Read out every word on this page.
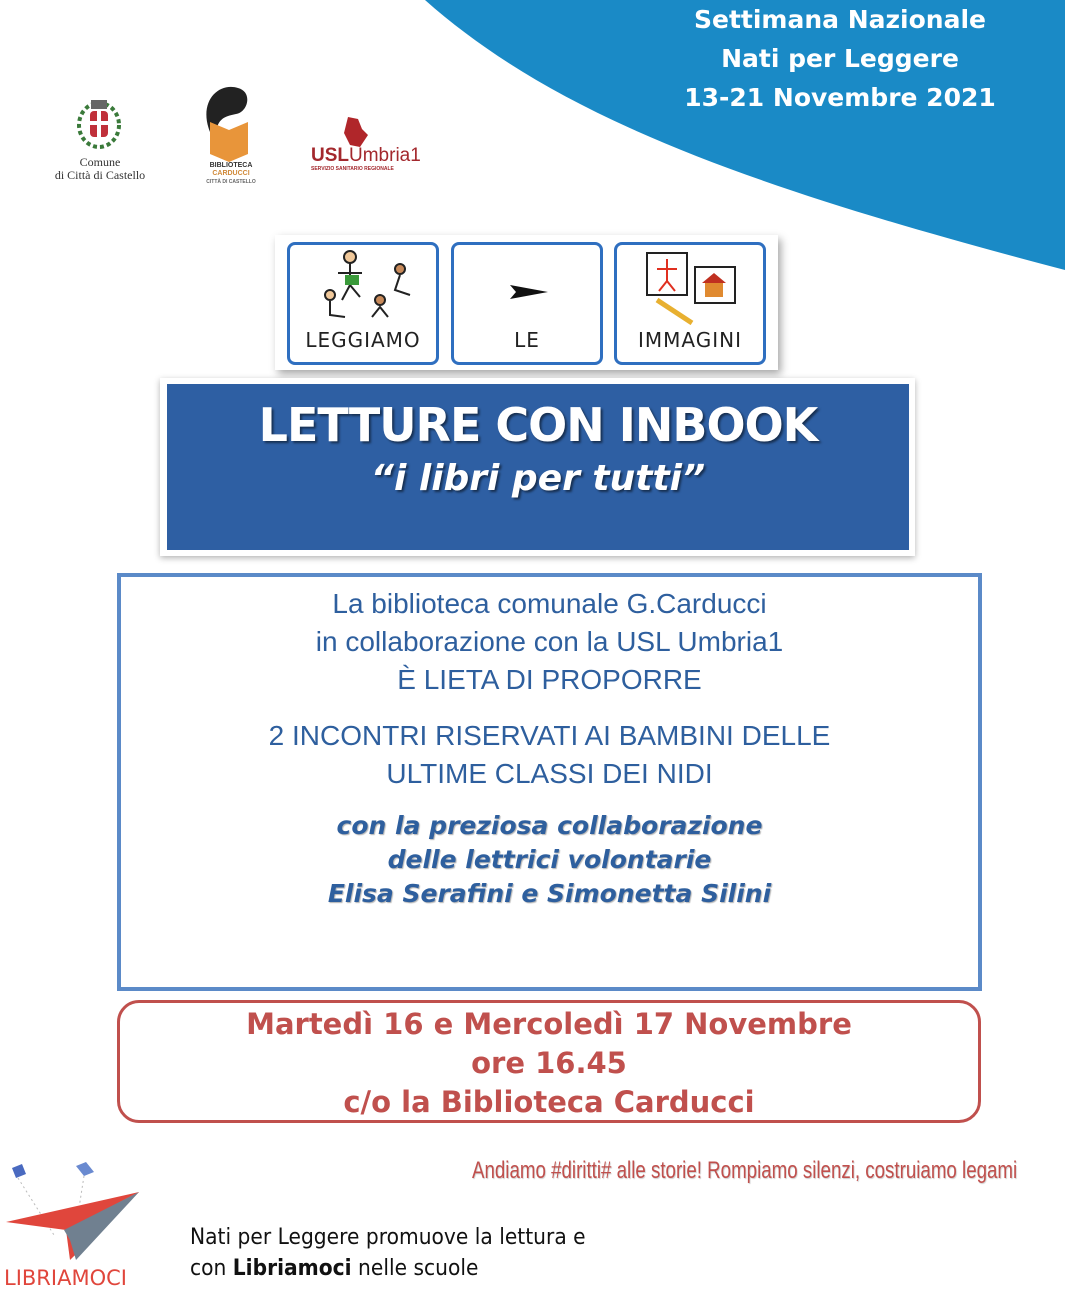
Settimana Nazionale
Nati per Leggere
13-21 Novembre 2021
Comune
di Città di Castello
BIBLIOTECA
CARDUCCI
CITTÀ DI CASTELLO
USLUmbria1
SERVIZIO SANITARIO REGIONALE
LEGGIAMO	LE	IMMAGINI
LETTURE CON INBOOK
“i libri per tutti”
La biblioteca comunale G.Carducci
in collaborazione con la USL Umbria1
È LIETA DI PROPORRE
2 INCONTRI RISERVATI AI BAMBINI DELLE
ULTIME CLASSI DEI NIDI
con la preziosa collaborazione
delle lettrici volontarie
Elisa Serafini e Simonetta Silini
Martedì 16 e Mercoledì 17 Novembre
ore 16.45
c/o la Biblioteca Carducci
Andiamo #diritti# alle storie! Rompiamo silenzi, costruiamo legami
LIBRIAMOCI
Nati per Leggere promuove la lettura e
con Libriamoci nelle scuole
